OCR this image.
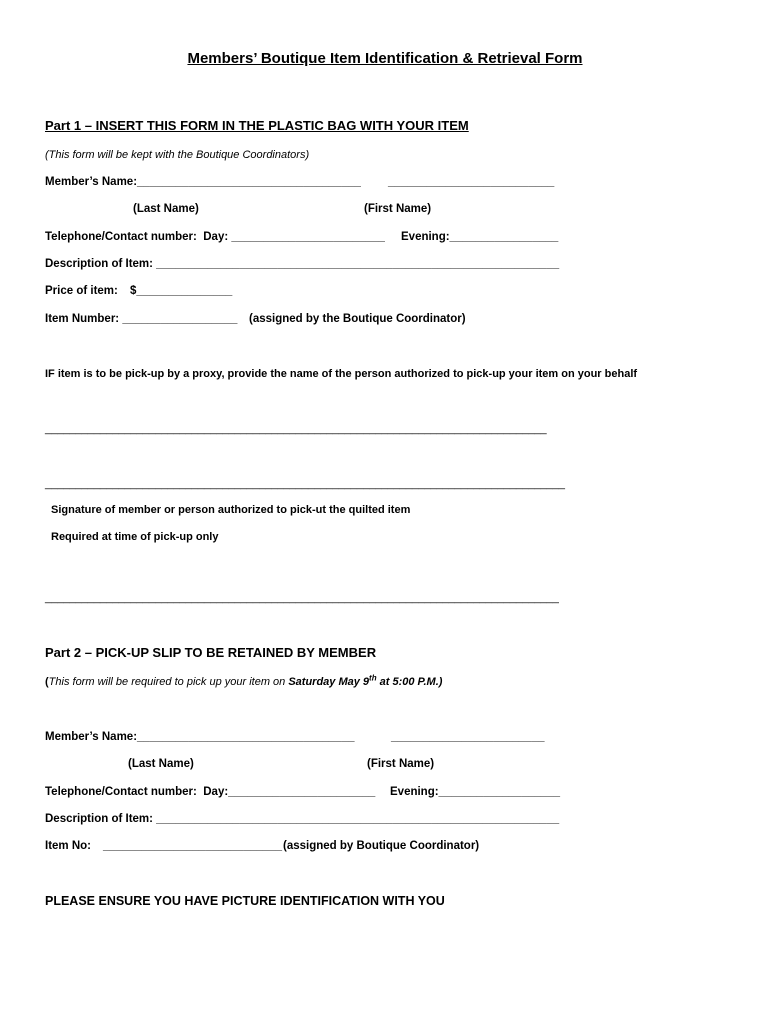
Members’ Boutique Item Identification & Retrieval Form
Part 1 – INSERT THIS FORM IN THE PLASTIC BAG WITH YOUR ITEM
(This form will be kept with the Boutique Coordinators)
Member’s Name:___________________________________ __________________________
(Last Name)	(First Name)
Telephone/Contact number:  Day: ________________________ Evening:_________________
Description of Item: _______________________________________________________________
Price of item: $_______________
Item Number: __________________ (assigned by the Boutique Coordinator)
IF item is to be pick-up by a proxy, provide the name of the person authorized to pick-up your item on your behalf
__________________________________________________________________________________
_____________________________________________________________________________________
Signature of member or person authorized to pick-ut the quilted item
Required at time of pick-up only
____________________________________________________________________________________
Part 2 – PICK-UP SLIP TO BE RETAINED BY MEMBER
(This form will be required to pick up your item on Saturday May 9th at 5:00 P.M.)
Member’s Name:__________________________________	________________________
(Last Name)	(First Name)
Telephone/Contact number:  Day:_______________________ Evening:___________________
Description of Item: _______________________________________________________________
Item No: ____________________________ (assigned by Boutique Coordinator)
PLEASE ENSURE YOU HAVE PICTURE IDENTIFICATION WITH YOU
